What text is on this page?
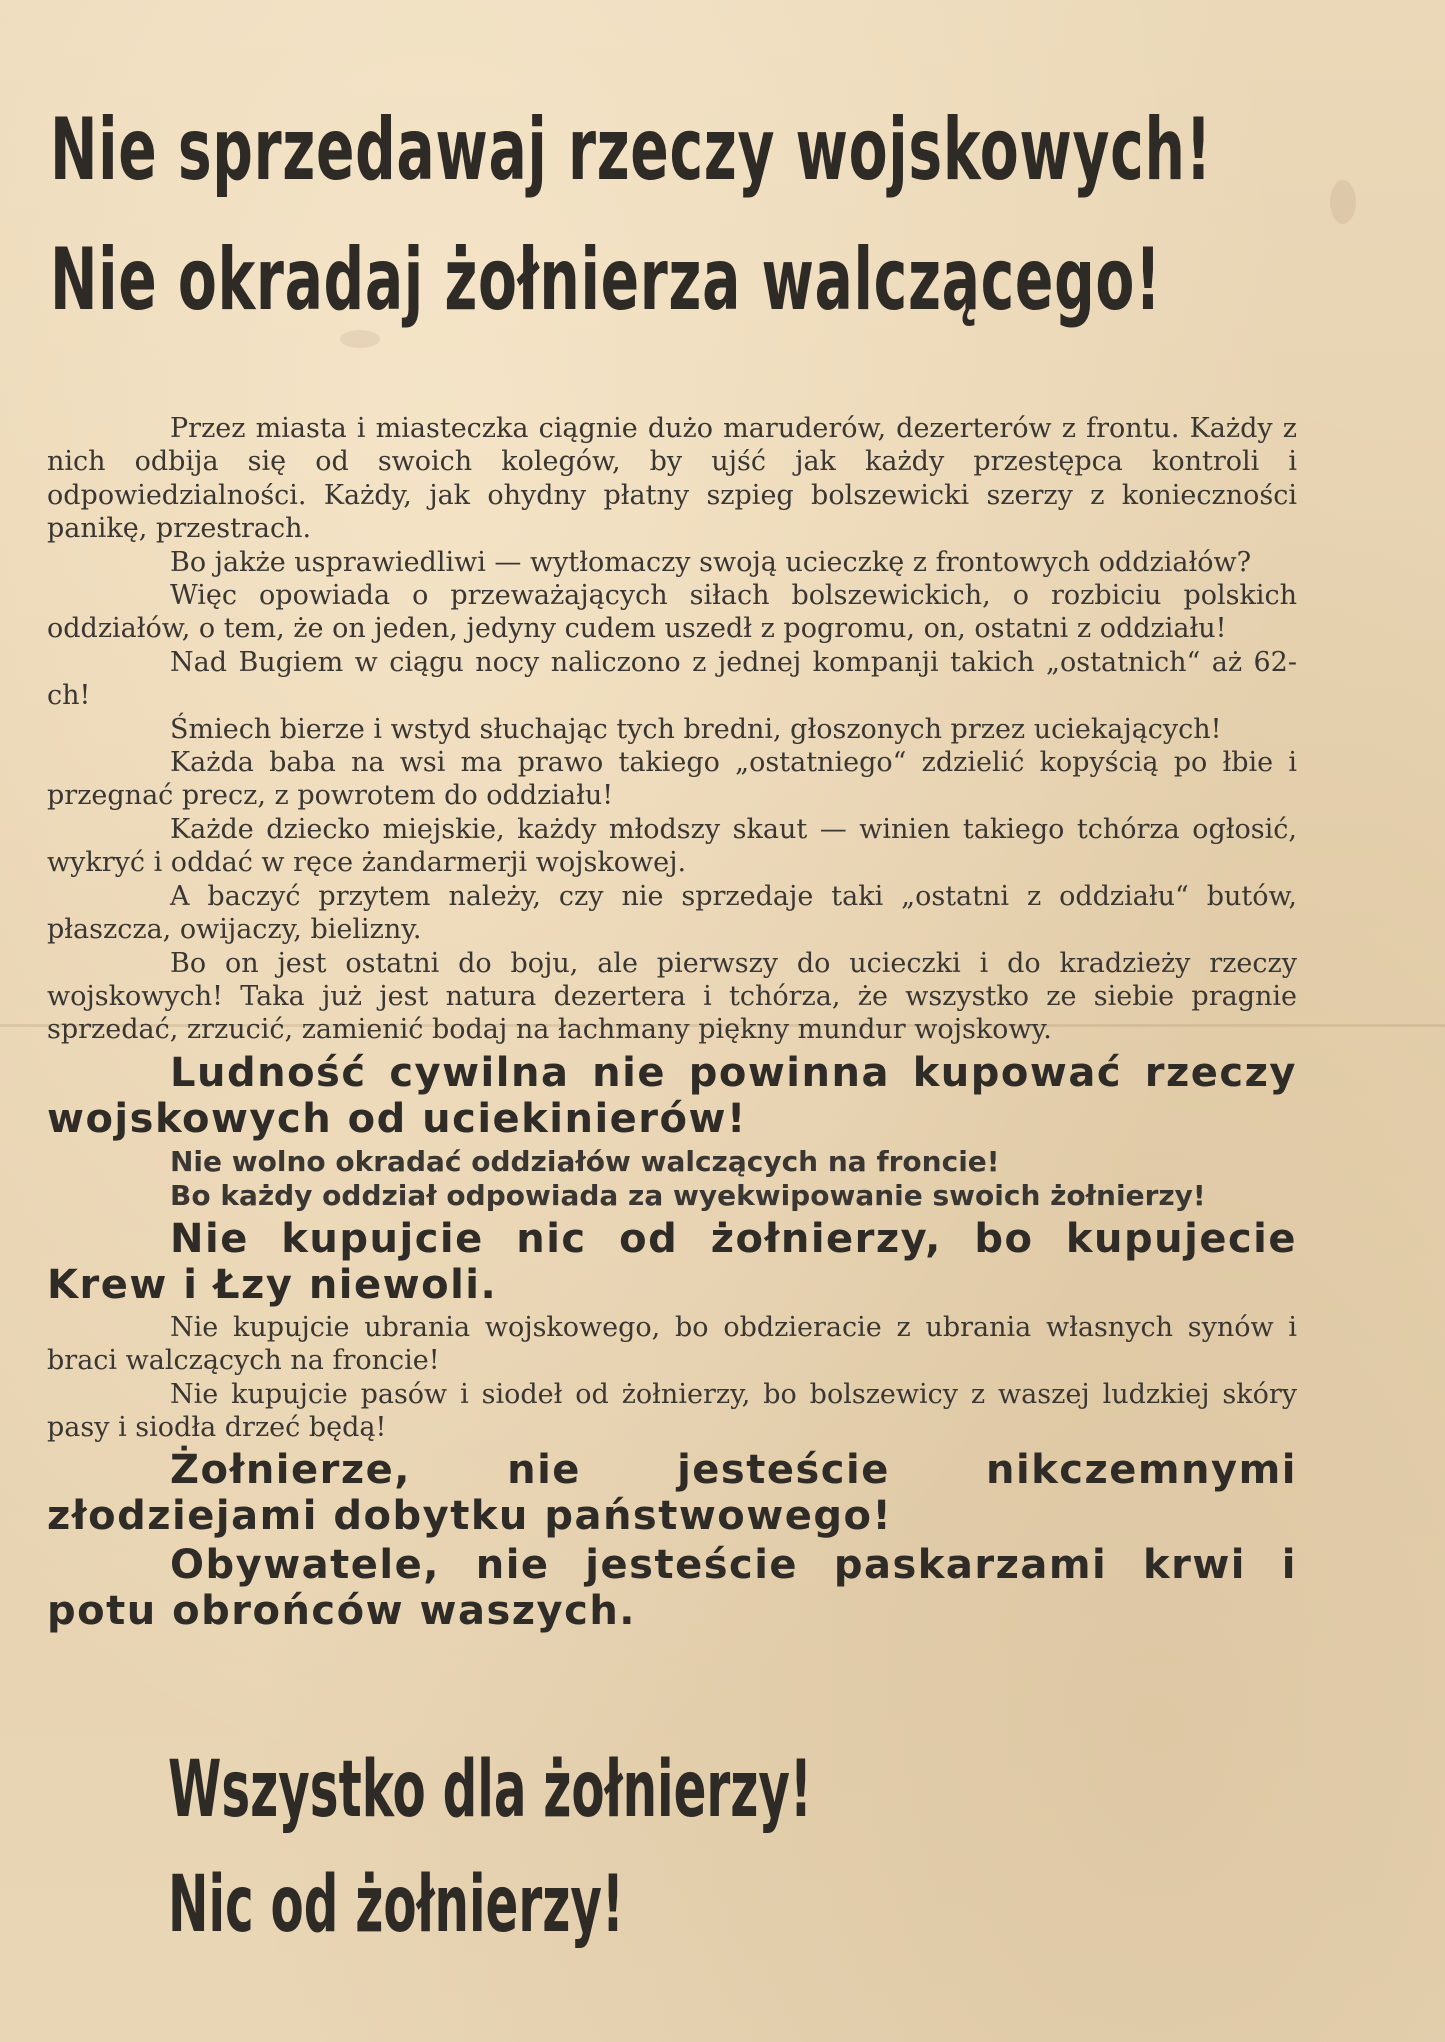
Nie sprzedawaj rzeczy wojskowych!
Nie okradaj żołnierza walczącego!

Przez miasta i miasteczka ciągnie dużo maruderów, dezerterów z frontu. Każdy z nich odbija się od swoich kolegów, by ujść jak każdy przestępca kontroli i odpowiedzialności. Każdy, jak ohydny płatny szpieg bolszewicki szerzy z konieczności panikę, przestrach.

Bo jakże usprawiedliwi — wytłomaczy swoją ucieczkę z frontowych oddziałów?

Więc opowiada o przeważających siłach bolszewickich, o rozbiciu polskich oddziałów, o tem, że on jeden, jedyny cudem uszedł z pogromu, on, ostatni z oddziału!

Nad Bugiem w ciągu nocy naliczono z jednej kompanji takich „ostatnich“ aż 62-ch!

Śmiech bierze i wstyd słuchając tych bredni, głoszonych przez uciekających!

Każda baba na wsi ma prawo takiego „ostatniego“ zdzielić kopyścią po łbie i przegnać precz, z powrotem do oddziału!

Każde dziecko miejskie, każdy młodszy skaut — winien takiego tchórza ogłosić, wykryć i oddać w ręce żandarmerji wojskowej.

A baczyć przytem należy, czy nie sprzedaje taki „ostatni z oddziału“ butów, płaszcza, owijaczy, bielizny.

Bo on jest ostatni do boju, ale pierwszy do ucieczki i do kradzieży rzeczy wojskowych! Taka już jest natura dezertera i tchórza, że wszystko ze siebie pragnie sprzedać, zrzucić, zamienić bodaj na łachmany piękny mundur wojskowy.

Ludność cywilna nie powinna kupować rzeczy wojskowych od uciekinierów!

Nie wolno okradać oddziałów walczących na froncie!

Bo każdy oddział odpowiada za wyekwipowanie swoich żołnierzy!

Nie kupujcie nic od żołnierzy, bo kupujecie Krew i Łzy niewoli.

Nie kupujcie ubrania wojskowego, bo obdzieracie z ubrania własnych synów i braci walczących na froncie!

Nie kupujcie pasów i siodeł od żołnierzy, bo bolszewicy z waszej ludzkiej skóry pasy i siodła drzeć będą!

Żołnierze, nie jesteście nikczemnymi złodziejami dobytku państwowego!

Obywatele, nie jesteście paskarzami krwi i potu obrońców waszych.

Wszystko dla żołnierzy!
Nic od żołnierzy!
